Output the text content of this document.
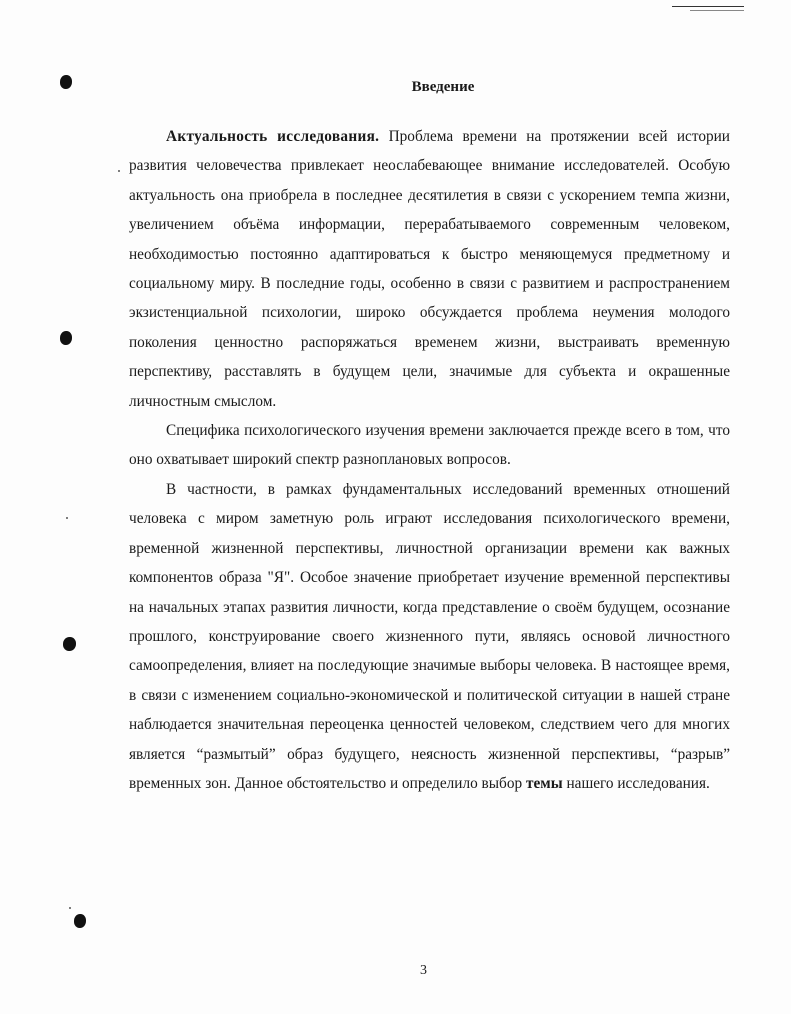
Введение

Актуальность исследования. Проблема времени на протяжении всей истории развития человечества привлекает неослабевающее внимание исследователей. Особую актуальность она приобрела в последнее десятилетия в связи с ускорением темпа жизни, увеличением объёма информации, перерабатываемого современным человеком, необходимостью постоянно адаптироваться к быстро меняющемуся предметному и социальному миру. В последние годы, особенно в связи с развитием и распространением экзистенциальной психологии, широко обсуждается проблема неумения молодого поколения ценностно распоряжаться временем жизни, выстраивать временную перспективу, расставлять в будущем цели, значимые для субъекта и окрашенные личностным смыслом.

Специфика психологического изучения времени заключается прежде всего в том, что оно охватывает широкий спектр разноплановых вопросов.

В частности, в рамках фундаментальных исследований временных отношений человека с миром заметную роль играют исследования психологического времени, временной жизненной перспективы, личностной организации времени как важных компонентов образа "Я". Особое значение приобретает изучение временной перспективы на начальных этапах развития личности, когда представление о своём будущем, осознание прошлого, конструирование своего жизненного пути, являясь основой личностного самоопределения, влияет на последующие значимые выборы человека. В настоящее время, в связи с изменением социально-экономической и политической ситуации в нашей стране наблюдается значительная переоценка ценностей человеком, следствием чего для многих является “размытый” образ будущего, неясность жизненной перспективы, “разрыв” временных зон. Данное обстоятельство и определило выбор темы нашего исследования.

3
